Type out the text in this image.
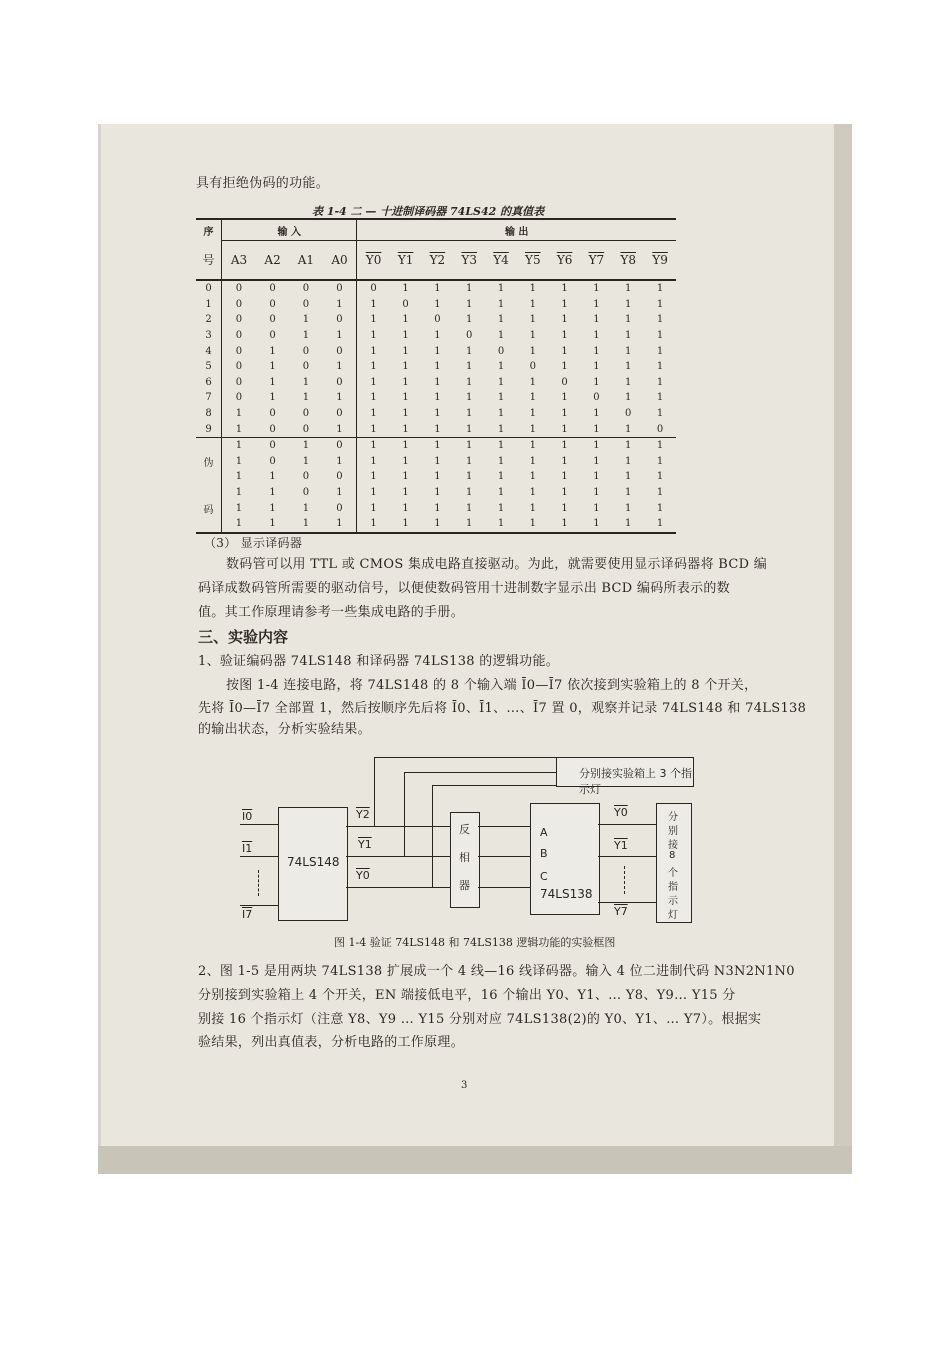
具有拒绝伪码的功能。
表 1-4 二 — 十进制译码器 74LS42 的真值表
序	输 入				输 出									
号	A3	A2	A1	A0	Y0	Y1	Y2	Y3	Y4	Y5	Y6	Y7	Y8	Y9
0	0	0	0	0	0	1	1	1	1	1	1	1	1	1
1	0	0	0	1	1	0	1	1	1	1	1	1	1	1
2	0	0	1	0	1	1	0	1	1	1	1	1	1	1
3	0	0	1	1	1	1	1	0	1	1	1	1	1	1
4	0	1	0	0	1	1	1	1	0	1	1	1	1	1
5	0	1	0	1	1	1	1	1	1	0	1	1	1	1
6	0	1	1	0	1	1	1	1	1	1	0	1	1	1
7	0	1	1	1	1	1	1	1	1	1	1	0	1	1
8	1	0	0	0	1	1	1	1	1	1	1	1	0	1
9	1	0	0	1	1	1	1	1	1	1	1	1	1	0
	1	0	1	0	1	1	1	1	1	1	1	1	1	1
伪	1	0	1	1	1	1	1	1	1	1	1	1	1	1
	1	1	0	0	1	1	1	1	1	1	1	1	1	1
	1	1	0	1	1	1	1	1	1	1	1	1	1	1
码	1	1	1	0	1	1	1	1	1	1	1	1	1	1
	1	1	1	1	1	1	1	1	1	1	1	1	1	1
（3） 显示译码器
数码管可以用 TTL 或 CMOS 集成电路直接驱动。为此，就需要使用显示译码器将 BCD 编
码译成数码管所需要的驱动信号，以便使数码管用十进制数字显示出 BCD 编码所表示的数
值。其工作原理请参考一些集成电路的手册。
三、实验内容
1、验证编码器 74LS148 和译码器 74LS138 的逻辑功能。
按图 1-4 连接电路，将 74LS148 的 8 个输入端 Ī0—Ī7 依次接到实验箱上的 8 个开关，
先将 Ī0—Ī7 全部置 1，然后按顺序先后将 Ī0、Ī1、…、Ī7 置 0，观察并记录 74LS148 和 74LS138
的输出状态，分析实验结果。
分别接实验箱上 3 个指示灯
74LS148
反
相
器
A
B
C
74LS138
分
别
接
8
个
指
示
灯
I0
I1
I7
Y2
Y1
Y0
Y0
Y1
Y7
图 1-4 验证 74LS148 和 74LS138 逻辑功能的实验框图
2、图 1-5 是用两块 74LS138 扩展成一个 4 线—16 线译码器。输入 4 位二进制代码 N3N2N1N0
分别接到实验箱上 4 个开关，EN 端接低电平，16 个输出 Y0、Y1、… Y8、Y9… Y15 分
别接 16 个指示灯（注意 Y8、Y9 … Y15 分别对应 74LS138(2)的 Y0、Y1、… Y7）。根据实
验结果，列出真值表，分析电路的工作原理。
3
